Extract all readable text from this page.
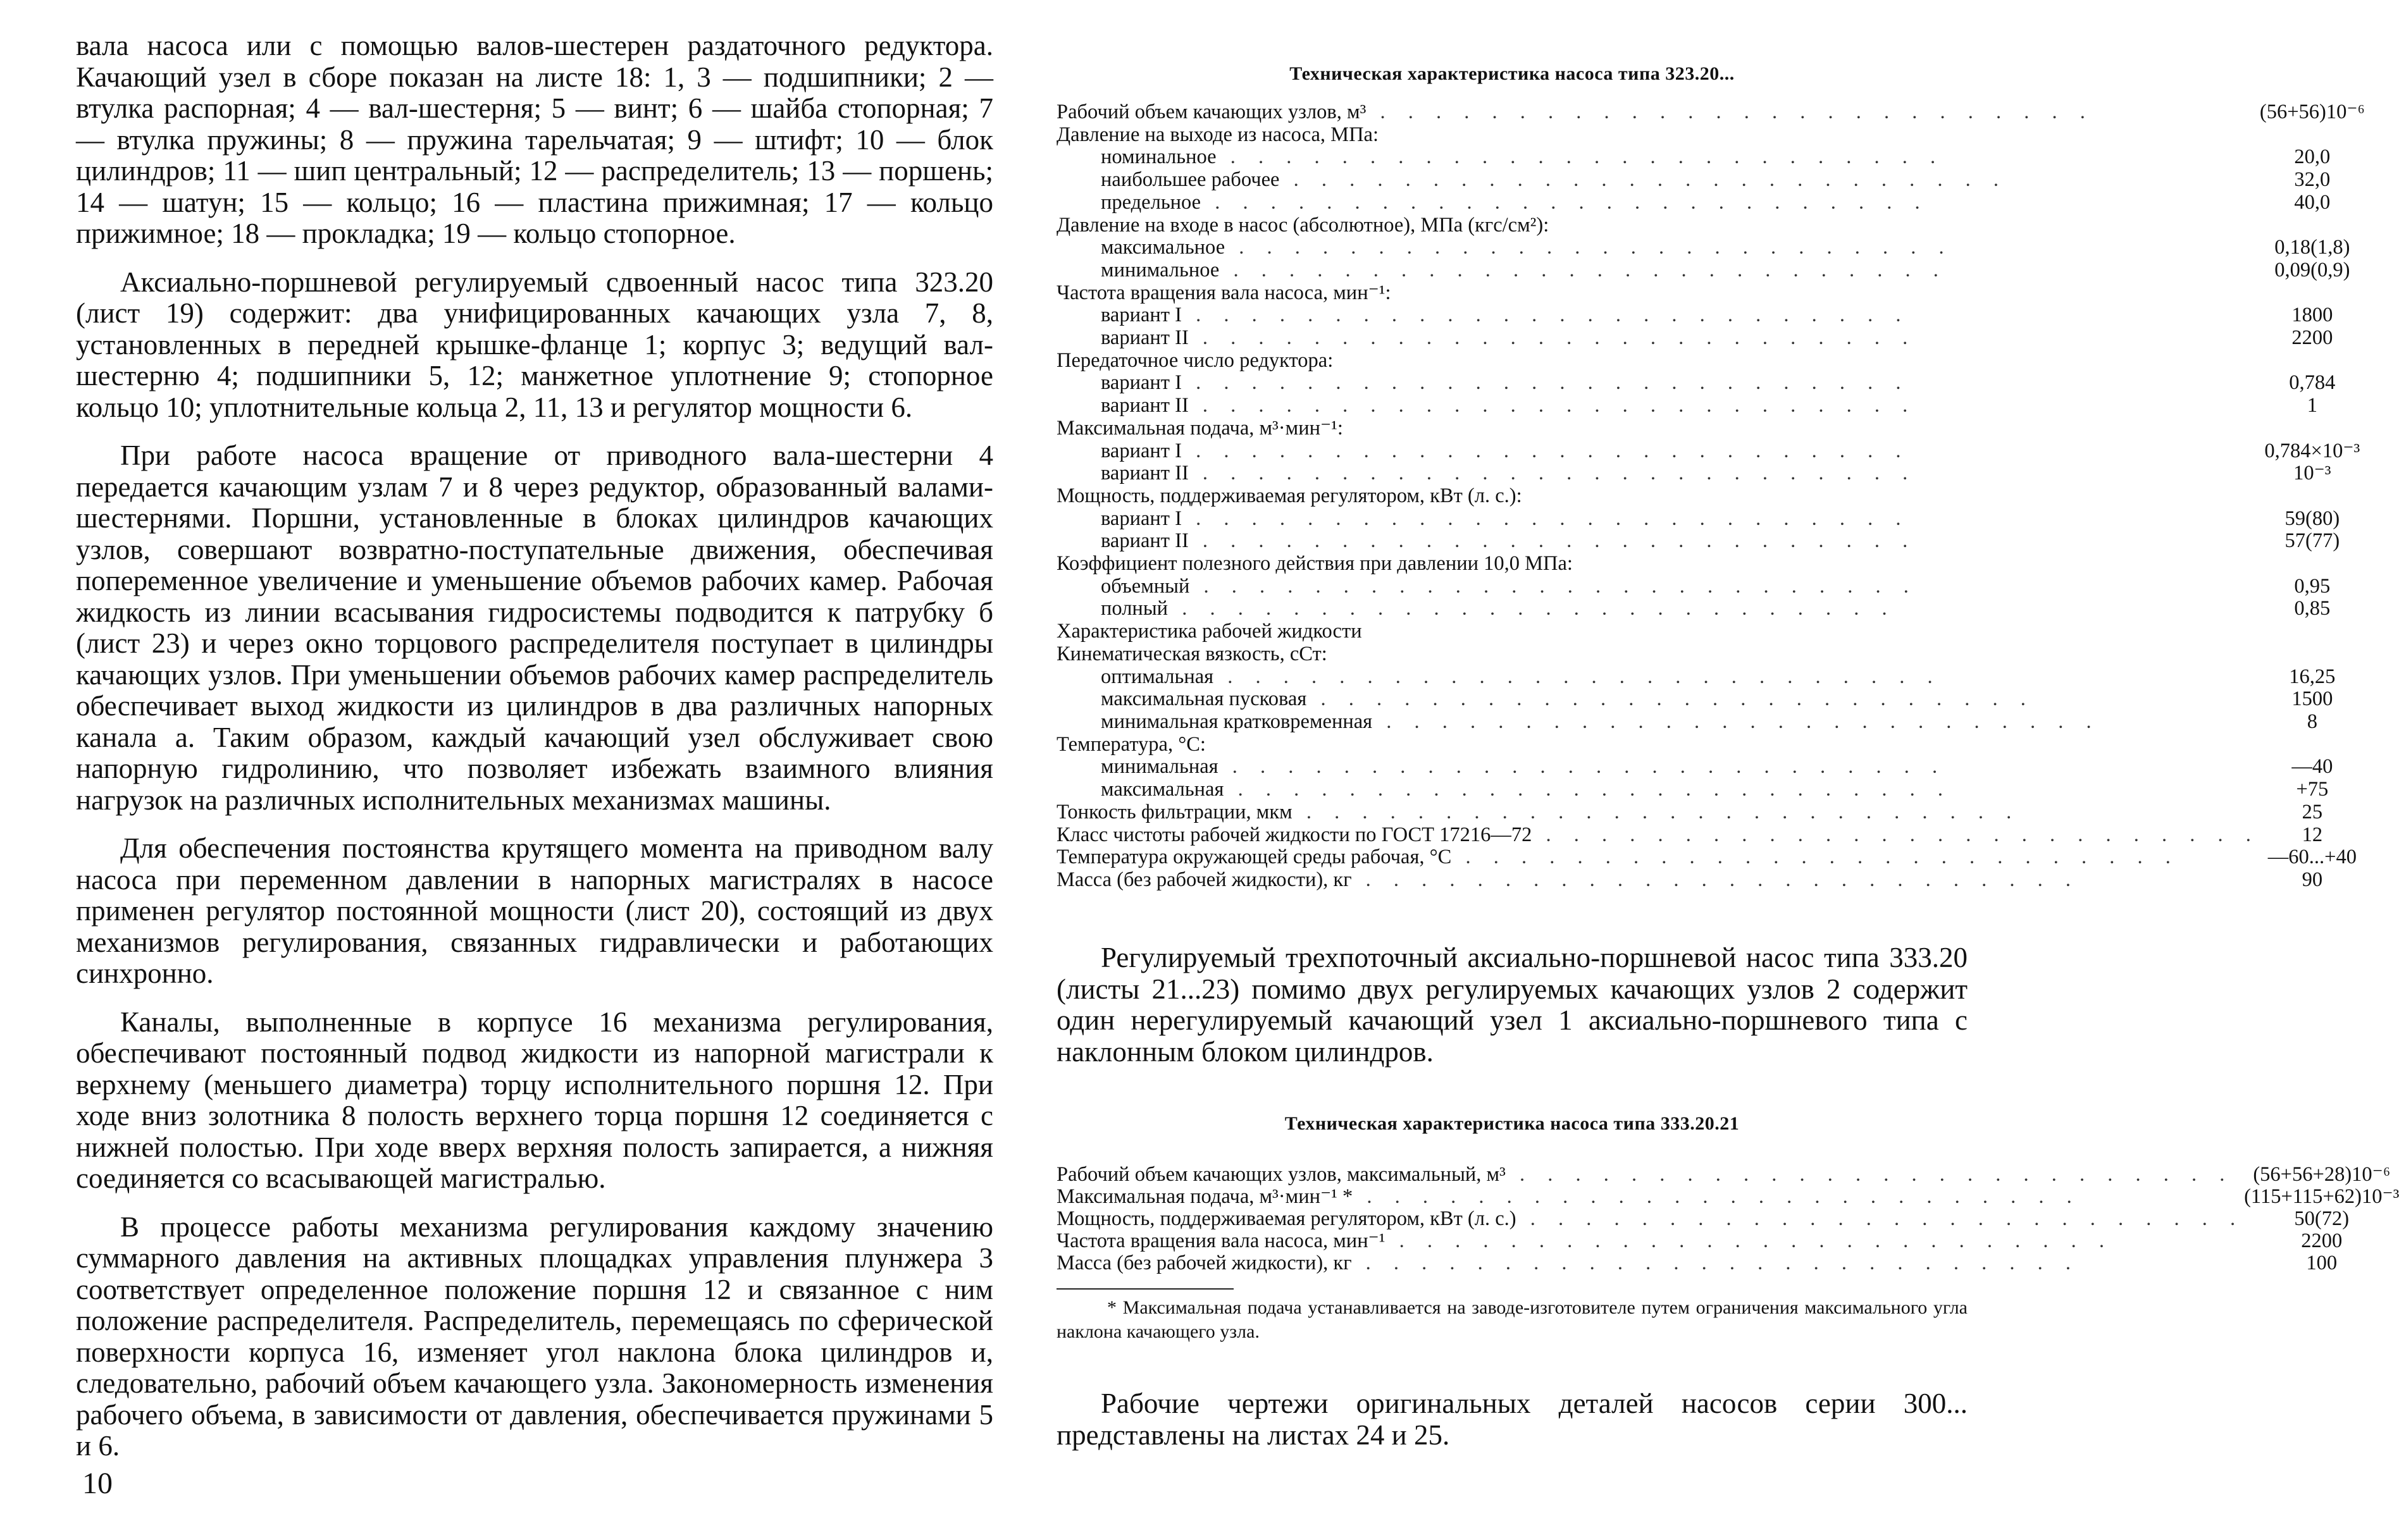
вала насоса или с помощью валов-шестерен раздаточного редуктора. Качающий узел в сборе показан на листе 18: 1, 3 — подшипники; 2 — втулка распорная; 4 — вал-шестерня; 5 — винт; 6 — шайба стопорная; 7 — втулка пружины; 8 — пружина тарельчатая; 9 — штифт; 10 — блок цилиндров; 11 — шип центральный; 12 — распределитель; 13 — поршень; 14 — шатун; 15 — кольцо; 16 — пластина прижимная; 17 — кольцо прижимное; 18 — прокладка; 19 — кольцо стопорное.

Аксиально-поршневой регулируемый сдвоенный насос типа 323.20 (лист 19) содержит: два унифицированных качающих узла 7, 8, установленных в передней крышке-фланце 1; корпус 3; ведущий вал-шестерню 4; подшипники 5, 12; манжетное уплотнение 9; стопорное кольцо 10; уплотнительные кольца 2, 11, 13 и регулятор мощности 6.

При работе насоса вращение от приводного вала-шестерни 4 передается качающим узлам 7 и 8 через редуктор, образованный валами-шестернями. Поршни, установленные в блоках цилиндров качающих узлов, совершают возвратно-поступательные движения, обеспечивая попеременное увеличение и уменьшение объемов рабочих камер. Рабочая жидкость из линии всасывания гидросистемы подводится к патрубку б (лист 23) и через окно торцового распределителя поступает в цилиндры качающих узлов. При уменьшении объемов рабочих камер распределитель обеспечивает выход жидкости из цилиндров в два различных напорных канала а. Таким образом, каждый качающий узел обслуживает свою напорную гидролинию, что позволяет избежать взаимного влияния нагрузок на различных исполнительных механизмах машины.

Для обеспечения постоянства крутящего момента на приводном валу насоса при переменном давлении в напорных магистралях в насосе применен регулятор постоянной мощности (лист 20), состоящий из двух механизмов регулирования, связанных гидравлически и работающих синхронно.

Каналы, выполненные в корпусе 16 механизма регулирования, обеспечивают постоянный подвод жидкости из напорной магистрали к верхнему (меньшего диаметра) торцу исполнительного поршня 12. При ходе вниз золотника 8 полость верхнего торца поршня 12 соединяется с нижней полостью. При ходе вверх верхняя полость запирается, а нижняя соединяется со всасывающей магистралью.

В процессе работы механизма регулирования каждому значению суммарного давления на активных площадках управления плунжера 3 соответствует определенное положение поршня 12 и связанное с ним положение распределителя. Распределитель, перемещаясь по сферической поверхности корпуса 16, изменяет угол наклона блока цилиндров и, следовательно, рабочий объем качающего узла. Закономерность изменения рабочего объема, в зависимости от давления, обеспечивается пружинами 5 и 6.

10

Техническая характеристика насоса типа 323.20...

Рабочий объем качающих узлов, м³ . . . . . . . . . . . . . . . . . . . . . . . . . .	(56+56)10⁻⁶
Давление на выходе из насоса, МПа:	
номинальное . . . . . . . . . . . . . . . . . . . . . . . . . .	20,0
наибольшее рабочее . . . . . . . . . . . . . . . . . . . . . . . . . .	32,0
предельное . . . . . . . . . . . . . . . . . . . . . . . . . .	40,0
Давление на входе в насос (абсолютное), МПа (кгс/см²):	
максимальное . . . . . . . . . . . . . . . . . . . . . . . . . .	0,18(1,8)
минимальное . . . . . . . . . . . . . . . . . . . . . . . . . .	0,09(0,9)
Частота вращения вала насоса, мин⁻¹:	
вариант I . . . . . . . . . . . . . . . . . . . . . . . . . .	1800
вариант II . . . . . . . . . . . . . . . . . . . . . . . . . .	2200
Передаточное число редуктора:	
вариант I . . . . . . . . . . . . . . . . . . . . . . . . . .	0,784
вариант II . . . . . . . . . . . . . . . . . . . . . . . . . .	1
Максимальная подача, м³·мин⁻¹:	
вариант I . . . . . . . . . . . . . . . . . . . . . . . . . .	0,784×10⁻³
вариант II . . . . . . . . . . . . . . . . . . . . . . . . . .	10⁻³
Мощность, поддерживаемая регулятором, кВт (л. с.):	
вариант I . . . . . . . . . . . . . . . . . . . . . . . . . .	59(80)
вариант II . . . . . . . . . . . . . . . . . . . . . . . . . .	57(77)
Коэффициент полезного действия при давлении 10,0 МПа:	
объемный . . . . . . . . . . . . . . . . . . . . . . . . . .	0,95
полный . . . . . . . . . . . . . . . . . . . . . . . . . .	0,85
Характеристика рабочей жидкости	
Кинематическая вязкость, сСт:	
оптимальная . . . . . . . . . . . . . . . . . . . . . . . . . .	16,25
максимальная пусковая . . . . . . . . . . . . . . . . . . . . . . . . . .	1500
минимальная кратковременная . . . . . . . . . . . . . . . . . . . . . . . . . .	8
Температура, °С:	
минимальная . . . . . . . . . . . . . . . . . . . . . . . . . .	—40
максимальная . . . . . . . . . . . . . . . . . . . . . . . . . .	+75
Тонкость фильтрации, мкм . . . . . . . . . . . . . . . . . . . . . . . . . .	25
Класс чистоты рабочей жидкости по ГОСТ 17216—72 . . . . . . . . . . . . . . . . . . . . . . . . . .	12
Температура окружающей среды рабочая, °С . . . . . . . . . . . . . . . . . . . . . . . . . .	—60...+40
Масса (без рабочей жидкости), кг . . . . . . . . . . . . . . . . . . . . . . . . . .	90

Регулируемый трехпоточный аксиально-поршневой насос типа 333.20 (листы 21...23) помимо двух регулируемых качающих узлов 2 содержит один нерегулируемый качающий узел 1 аксиально-поршневого типа с наклонным блоком цилиндров.

Техническая характеристика насоса типа 333.20.21

Рабочий объем качающих узлов, максимальный, м³ . . . . . . . . . . . . . . . . . . . . . . . . . .	(56+56+28)10⁻⁶
Максимальная подача, м³·мин⁻¹ * . . . . . . . . . . . . . . . . . . . . . . . . . .	(115+115+62)10⁻³
Мощность, поддерживаемая регулятором, кВт (л. с.) . . . . . . . . . . . . . . . . . . . . . . . . . .	50(72)
Частота вращения вала насоса, мин⁻¹ . . . . . . . . . . . . . . . . . . . . . . . . . .	2200
Масса (без рабочей жидкости), кг . . . . . . . . . . . . . . . . . . . . . . . . . .	100

* Максимальная подача устанавливается на заводе-изготовителе путем ограничения максимального угла наклона качающего узла.

Рабочие чертежи оригинальных деталей насосов серии 300... представлены на листах 24 и 25.
